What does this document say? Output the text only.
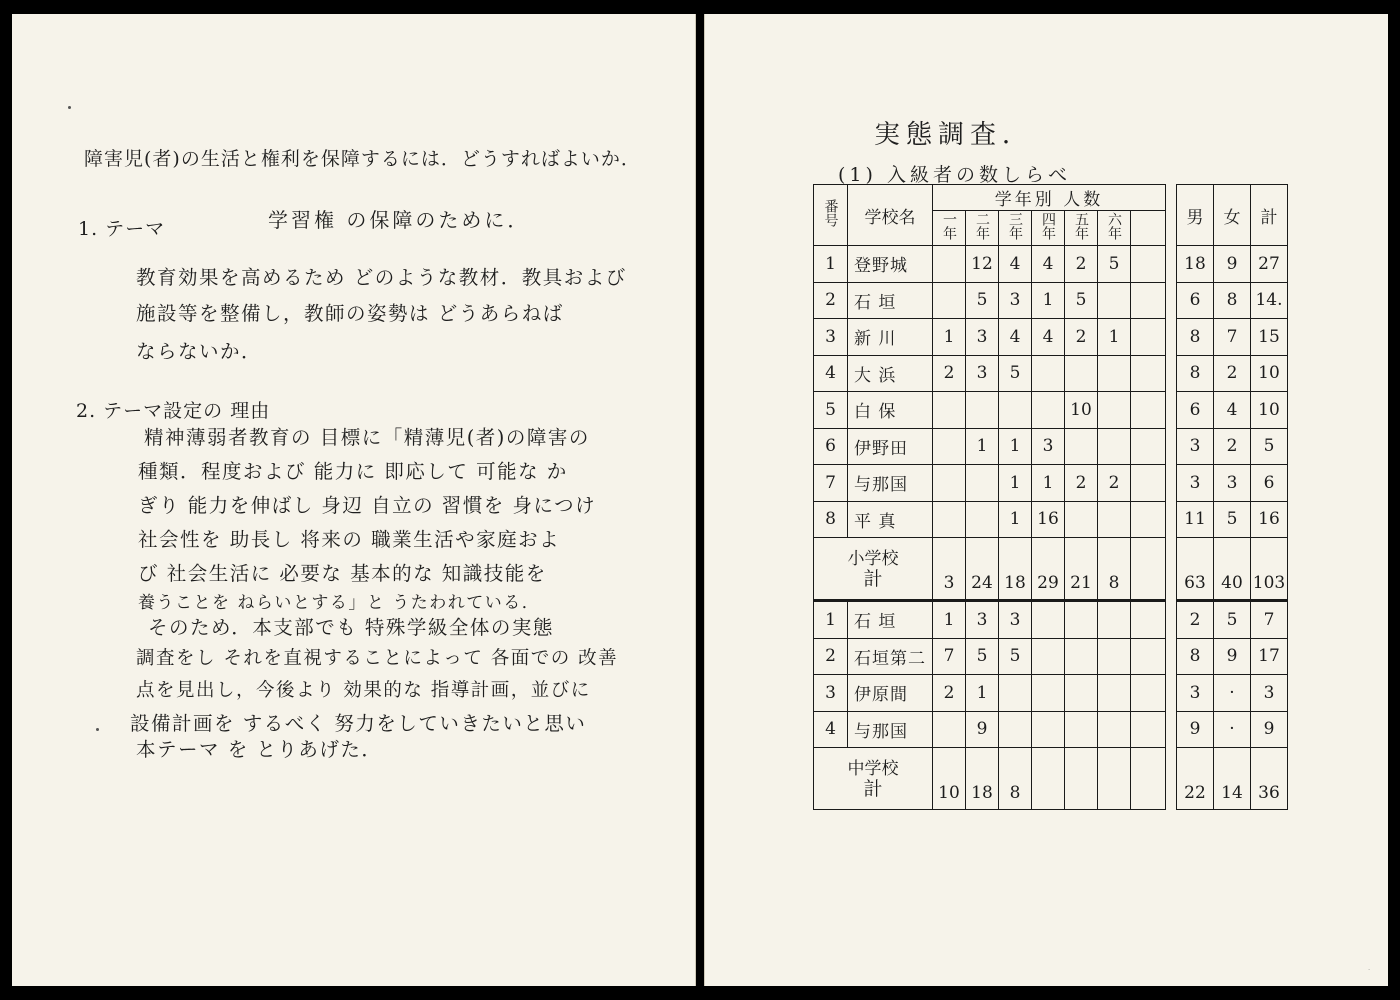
障害児(者)の生活と権利を保障するには．どうすればよいか．
1. テーマ	学習権 の保障のために．
教育効果を高めるため どのような教材．教具および
施設等を整備し，教師の姿勢は どうあらねば
ならないか．
2. テーマ設定の 理由
精神薄弱者教育の 目標に「精薄児(者)の障害の
種類．程度および 能力に 即応して 可能な か
ぎり 能力を伸ばし 身辺 自立の 習慣を 身につけ
社会性を 助長し 将来の 職業生活や家庭およ
び 社会生活に 必要な 基本的な 知識技能を
養うことを ねらいとする」と うたわれている．
そのため．本支部でも 特殊学級全体の実態
調査をし それを直視することによって 各面での 改善
点を見出し，今後より 効果的な 指導計画，並びに
設備計画を するべく 努力をしていきたいと思い
本テーマ を とりあげた．
実態調査．
(1) 入級者の数しらべ
番号	学校名	学年別 人数								男	女	計
		一年	二年	三年	四年	五年	六年					
1	登野城		12	4	4	2	5			18	9	27
2	石 垣		5	3	1	5				6	8	14.
3	新 川	1	3	4	4	2	1			8	7	15
4	大 浜	2	3	5						8	2	10
5	白 保					10				6	4	10
6	伊野田		1	1	3					3	2	5
7	与那国			1	1	2	2			3	3	6
8	平 真			1	16					11	5	16

小学校
計		3	24	18	29	21	8			63	40	103
1	石 垣	1	3	3						2	5	7
2	石垣第二	7	5	5						8	9	17
3	伊原間	2	1							3	·	3
4	与那国		9							9	·	9

中学校
計		10	18	8						22	14	36
·
